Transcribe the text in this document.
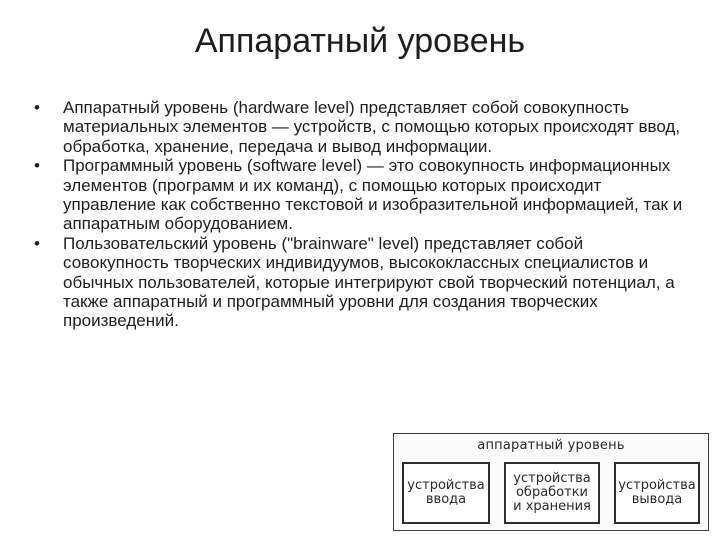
Аппаратный уровень
• Аппаратный уровень (hardware level) представляет собой совокупность материальных элементов — устройств, с помощью которых происходят ввод, обработка, хранение, передача и вывод информации.
• Программный уровень (software level) — это совокупность информационных элементов (программ и их команд), с помощью которых происходит управление как собственно текстовой и изобразительной информацией, так и аппаратным оборудованием.
• Пользовательский уровень ("brainware" level) представляет собой совокупность творческих индивидуумов, высококлассных специалистов и обычных пользователей, которые интегрируют свой творческий потенциал, а также аппаратный и программный уровни для создания творческих произведений.
аппаратный уровень
устройства
ввода
устройства
обработки
и хранения
устройства
вывода
